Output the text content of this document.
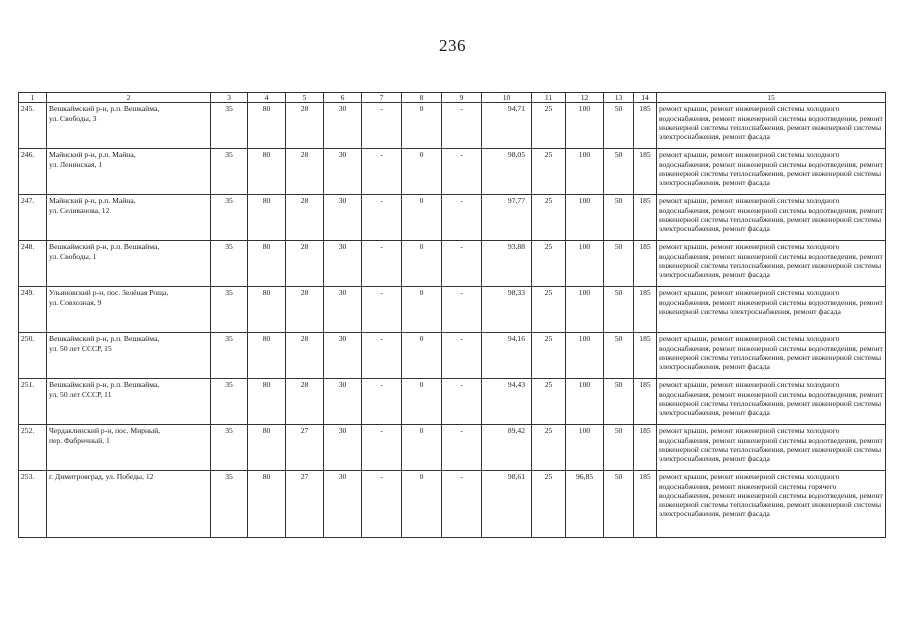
236
1	2	3	4	5	6	7	8	9	10	11	12	13	14	15
245.	Вешкаймский р-н, р.п. Вешкайма,
ул. Свободы, 3	35	80	28	30	-	0	-	94,71	25	100	50	185	ремонт крыши, ремонт инженерной системы холодного водоснабжения, ремонт инженерной системы водоотведения, ремонт инженерной системы теплоснабжения, ремонт инженерной системы электроснабжения, ремонт фасада
246.	Майнский р-н, р.п. Майна,
ул. Ленинская, 1	35	80	28	30	-	0	-	98,05	25	100	50	185	ремонт крыши, ремонт инженерной системы холодного водоснабжения, ремонт инженерной системы водоотведения, ремонт инженерной системы теплоснабжения, ремонт инженерной системы электроснабжения, ремонт фасада
247.	Майнский р-н, р.п. Майна,
ул. Селиванова, 12	35	80	28	30	-	0	-	97,77	25	100	50	185	ремонт крыши, ремонт инженерной системы холодного водоснабжения, ремонт инженерной системы водоотведения, ремонт инженерной системы теплоснабжения, ремонт инженерной системы электроснабжения, ремонт фасада
248.	Вешкаймский р-н, р.п. Вешкайма,
ул. Свободы, 1	35	80	28	30	-	0	-	93,88	25	100	50	185	ремонт крыши, ремонт инженерной системы холодного водоснабжения, ремонт инженерной системы водоотведения, ремонт инженерной системы теплоснабжения, ремонт инженерной системы электроснабжения, ремонт фасада
249.	Ульяновский р-н, пос. Зелёная Роща,
ул. Совхозная, 9	35	80	28	30	-	0	-	98,33	25	100	50	185	ремонт крыши, ремонт инженерной системы холодного водоснабжения, ремонт инженерной системы водоотведения, ремонт инженерной системы электроснабжения, ремонт фасада
250.	Вешкаймский р-н, р.п. Вешкайма,
ул. 50 лет СССР, 15	35	80	28	30	-	0	-	94,16	25	100	50	185	ремонт крыши, ремонт инженерной системы холодного водоснабжения, ремонт инженерной системы водоотведения, ремонт инженерной системы теплоснабжения, ремонт инженерной системы электроснабжения, ремонт фасада
251.	Вешкаймский р-н, р.п. Вешкайма,
ул. 50 лет СССР, 11	35	80	28	30	-	0	-	94,43	25	100	50	185	ремонт крыши, ремонт инженерной системы холодного водоснабжения, ремонт инженерной системы водоотведения, ремонт инженерной системы теплоснабжения, ремонт инженерной системы электроснабжения, ремонт фасада
252.	Чердаклинский р-н, пос. Мирный,
пер. Фабричный, 1	35	80	27	30	-	0	-	89,42	25	100	50	185	ремонт крыши, ремонт инженерной системы холодного водоснабжения, ремонт инженерной системы водоотведения, ремонт инженерной системы теплоснабжения, ремонт инженерной системы электроснабжения, ремонт фасада
253.	г. Димитровград, ул. Победы, 12	35	80	27	30	-	0	-	98,61	25	96,85	50	185	ремонт крыши, ремонт инженерной системы холодного водоснабжения, ремонт инженерной системы горячего водоснабжения, ремонт инженерной системы водоотведения, ремонт инженерной системы теплоснабжения, ремонт инженерной системы электроснабжения, ремонт фасада
